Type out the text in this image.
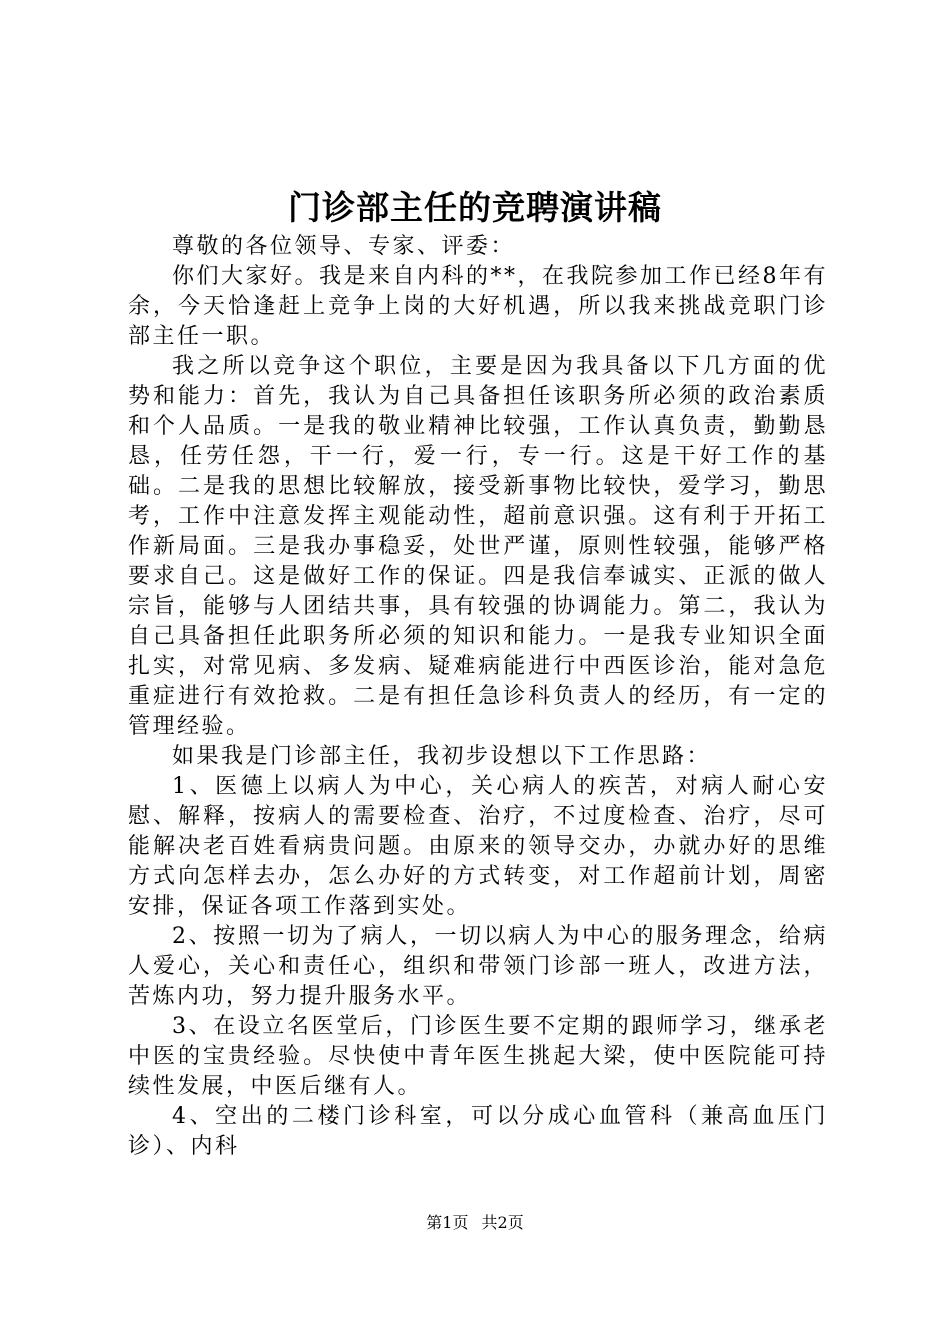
门诊部主任的竞聘演讲稿

尊敬的各位领导、专家、评委：

你们大家好。我是来自内科的**，在我院参加工作已经8年有余，今天恰逢赶上竞争上岗的大好机遇，所以我来挑战竞职门诊部主任一职。

我之所以竞争这个职位，主要是因为我具备以下几方面的优势和能力：首先，我认为自己具备担任该职务所必须的政治素质和个人品质。一是我的敬业精神比较强，工作认真负责，勤勤恳恳，任劳任怨，干一行，爱一行，专一行。这是干好工作的基础。二是我的思想比较解放，接受新事物比较快，爱学习，勤思考，工作中注意发挥主观能动性，超前意识强。这有利于开拓工作新局面。三是我办事稳妥，处世严谨，原则性较强，能够严格要求自己。这是做好工作的保证。四是我信奉诚实、正派的做人宗旨，能够与人团结共事，具有较强的协调能力。第二，我认为自己具备担任此职务所必须的知识和能力。一是我专业知识全面扎实，对常见病、多发病、疑难病能进行中西医诊治，能对急危重症进行有效抢救。二是有担任急诊科负责人的经历，有一定的管理经验。

如果我是门诊部主任，我初步设想以下工作思路：

1、医德上以病人为中心，关心病人的疾苦，对病人耐心安慰、解释，按病人的需要检查、治疗，不过度检查、治疗，尽可能解决老百姓看病贵问题。由原来的领导交办，办就办好的思维方式向怎样去办，怎么办好的方式转变，对工作超前计划，周密安排，保证各项工作落到实处。

2、按照一切为了病人，一切以病人为中心的服务理念，给病人爱心，关心和责任心，组织和带领门诊部一班人，改进方法，苦炼内功，努力提升服务水平。

3、在设立名医堂后，门诊医生要不定期的跟师学习，继承老中医的宝贵经验。尽快使中青年医生挑起大梁，使中医院能可持续性发展，中医后继有人。

4、空出的二楼门诊科室，可以分成心血管科（兼高血压门诊）、内科

第1页 共2页
